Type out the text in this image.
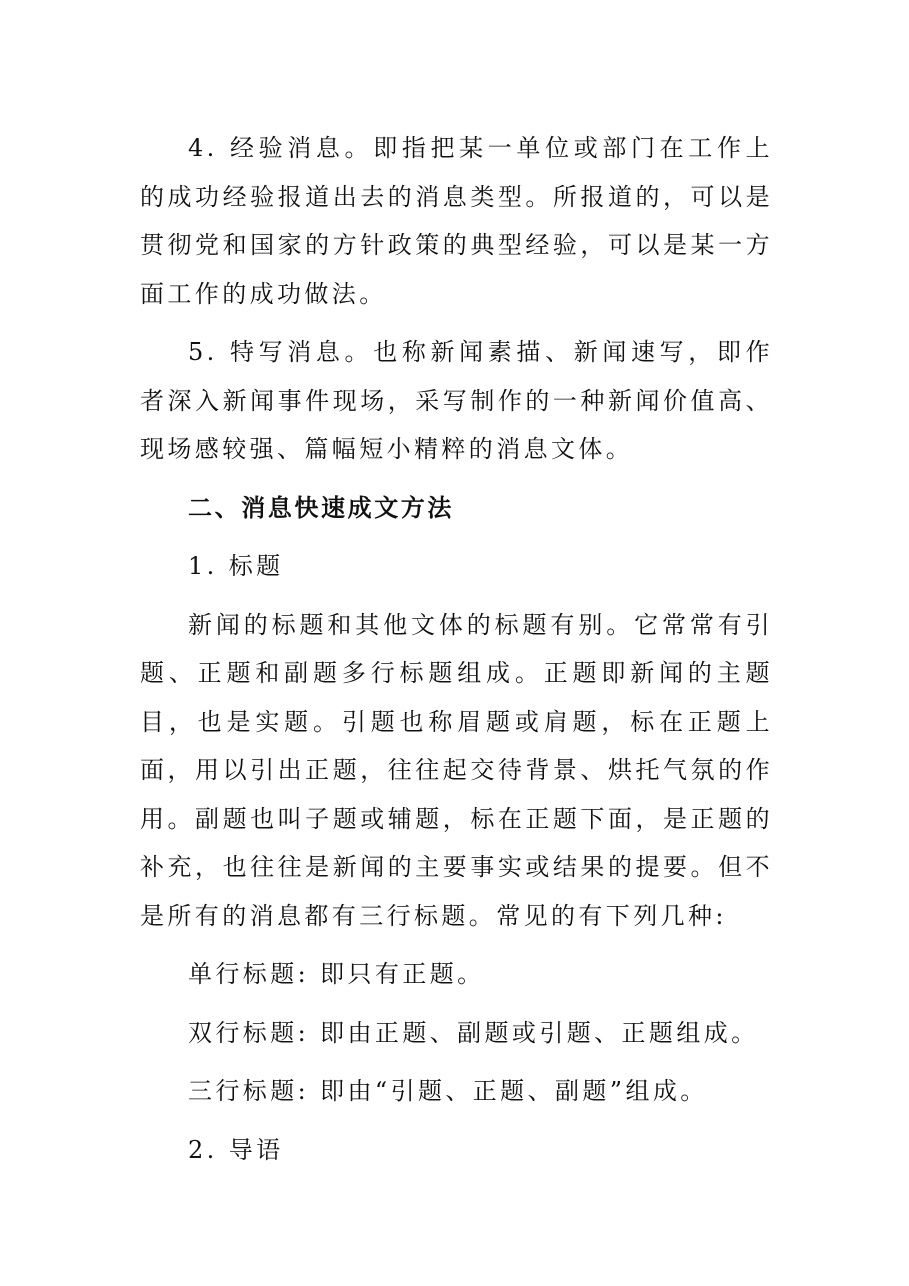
4. 经验消息。即指把某一单位或部门在工作上的成功经验报道出去的消息类型。所报道的，可以是贯彻党和国家的方针政策的典型经验，可以是某一方面工作的成功做法。

5. 特写消息。也称新闻素描、新闻速写，即作者深入新闻事件现场，采写制作的一种新闻价值高、现场感较强、篇幅短小精粹的消息文体。

二、消息快速成文方法

1. 标题

新闻的标题和其他文体的标题有别。它常常有引题、正题和副题多行标题组成。正题即新闻的主题目，也是实题。引题也称眉题或肩题，标在正题上面，用以引出正题，往往起交待背景、烘托气氛的作用。副题也叫子题或辅题，标在正题下面，是正题的补充，也往往是新闻的主要事实或结果的提要。但不是所有的消息都有三行标题。常见的有下列几种:

单行标题: 即只有正题。

双行标题: 即由正题、副题或引题、正题组成。

三行标题: 即由“引题、正题、副题”组成。

2. 导语
